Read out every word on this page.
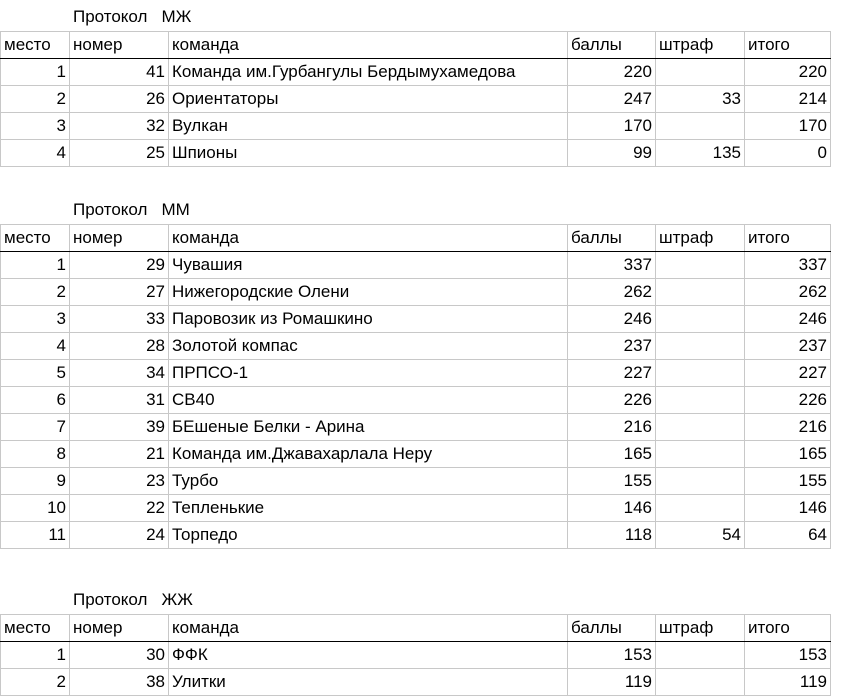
Протокол МЖ
место	номер	команда	баллы	штраф	итого
1	41	Команда им.Гурбангулы Бердымухамедова	220		220
2	26	Ориентаторы	247	33	214
3	32	Вулкан	170		170
4	25	Шпионы	99	135	0
Протокол ММ
место	номер	команда	баллы	штраф	итого
1	29	Чувашия	337		337
2	27	Нижегородские Олени	262		262
3	33	Паровозик из Ромашкино	246		246
4	28	Золотой компас	237		237
5	34	ПРПСО-1	227		227
6	31	СВ40	226		226
7	39	БЕшеные Белки - Арина	216		216
8	21	Команда им.Джавахарлала Неру	165		165
9	23	Турбо	155		155
10	22	Тепленькие	146		146
11	24	Торпедо	118	54	64
Протокол ЖЖ
место	номер	команда	баллы	штраф	итого
1	30	ФФК	153		153
2	38	Улитки	119		119
